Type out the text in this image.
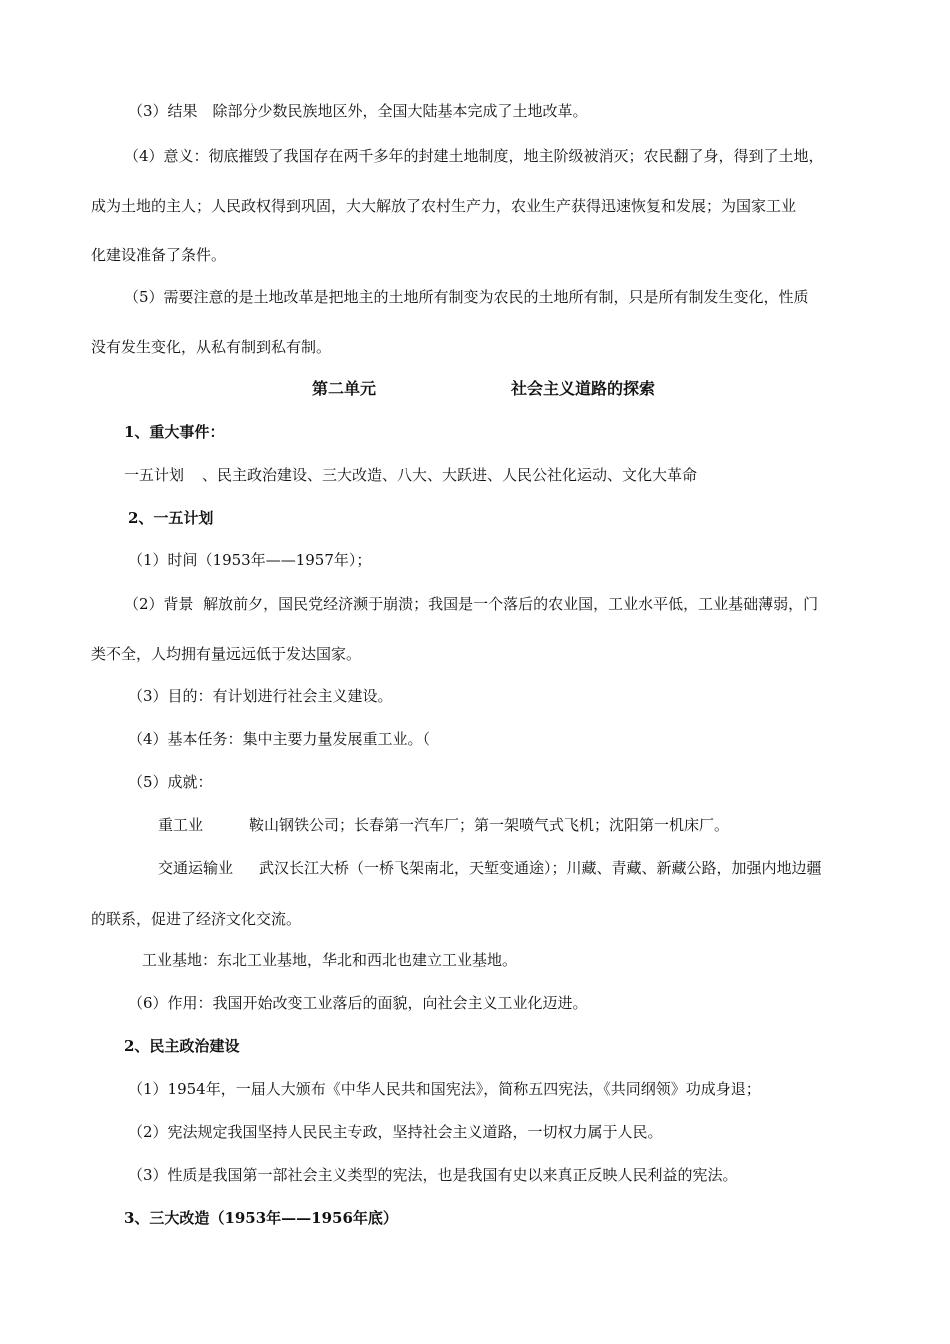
（3）结果　除部分少数民族地区外，全国大陆基本完成了土地改革。

（4）意义：彻底摧毁了我国存在两千多年的封建土地制度，地主阶级被消灭；农民翻了身，得到了土地，

成为土地的主人；人民政权得到巩固，大大解放了农村生产力，农业生产获得迅速恢复和发展；为国家工业

化建设准备了条件。

（5）需要注意的是土地改革是把地主的土地所有制变为农民的土地所有制，只是所有制发生变化，性质

没有发生变化，从私有制到私有制。

第二单元	社会主义道路的探索

1、重大事件：

一五计划 、民主政治建设、三大改造、八大、大跃进、人民公社化运动、文化大革命

2、一五计划

（1）时间（1953年——1957年）；

（2）背景  解放前夕，国民党经济濒于崩溃；我国是一个落后的农业国，工业水平低，工业基础薄弱，门

类不全，人均拥有量远远低于发达国家。

（3）目的：有计划进行社会主义建设。

（4）基本任务：集中主要力量发展重工业。（

（5）成就：

重工业	鞍山钢铁公司；长春第一汽车厂；第一架喷气式飞机；沈阳第一机床厂。

交通运输业 武汉长江大桥（一桥飞架南北，天堑变通途）；川藏、青藏、新藏公路，加强内地边疆

的联系，促进了经济文化交流。

工业基地：东北工业基地，华北和西北也建立工业基地。

（6）作用：我国开始改变工业落后的面貌，向社会主义工业化迈进。

2、民主政治建设

（1）1954年，一届人大颁布《中华人民共和国宪法》，简称五四宪法，《共同纲领》功成身退；

（2）宪法规定我国坚持人民民主专政，坚持社会主义道路，一切权力属于人民。

（3）性质是我国第一部社会主义类型的宪法，也是我国有史以来真正反映人民利益的宪法。

3、三大改造（1953年——1956年底）
